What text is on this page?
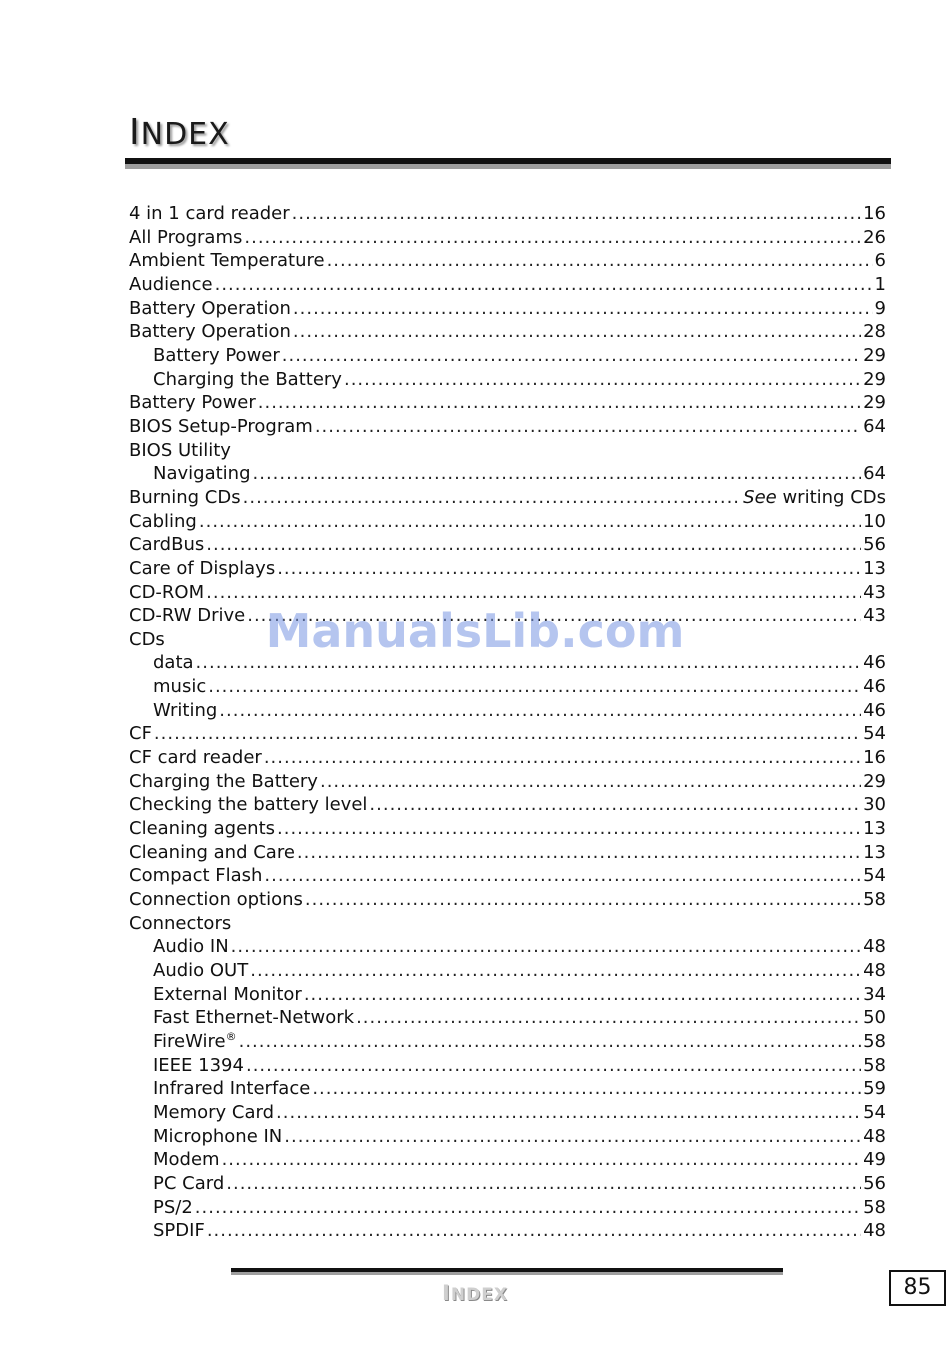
INDEX
4 in 1 card reader .....	16
All Programs .....	26
Ambient Temperature .....	6
Audience .....	1
Battery Operation .....	9
Battery Operation .....	28
Battery Power .....	29
Charging the Battery .....	29
Battery Power .....	29
BIOS Setup-Program .....	64
BIOS Utility
Navigating .....	64
Burning CDs .....	See writing CDs
Cabling .....	10
CardBus .....	56
Care of Displays .....	13
CD-ROM .....	43
CD-RW Drive .....	43
CDs
data .....	46
music .....	46
Writing .....	46
CF .....	54
CF card reader .....	16
Charging the Battery .....	29
Checking the battery level .....	30
Cleaning agents .....	13
Cleaning and Care .....	13
Compact Flash .....	54
Connection options .....	58
Connectors
Audio IN .....	48
Audio OUT .....	48
External Monitor .....	34
Fast Ethernet-Network .....	50
FireWire® .....	58
IEEE 1394 .....	58
Infrared Interface .....	59
Memory Card .....	54
Microphone IN .....	48
Modem .....	49
PC Card .....	56
PS/2 .....	58
SPDIF .....	48
ManualsLib.com
INDEX	85
